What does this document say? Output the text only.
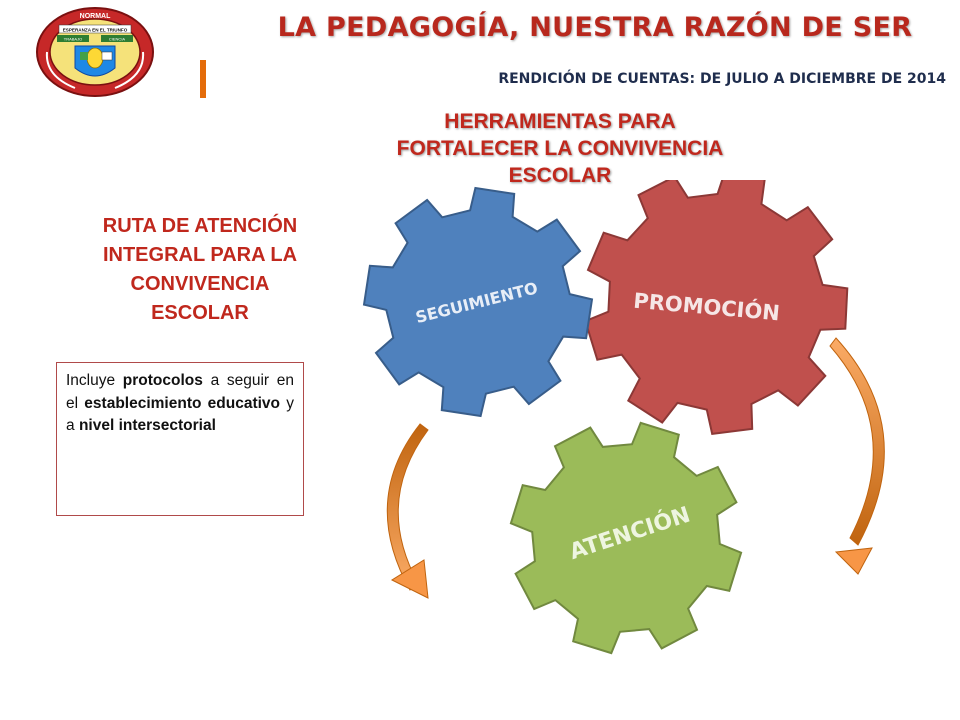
NORMAL
ESPERANZA EN EL TRIUNFO
TRABAJO	CIENCIA	LA PEDAGOGÍA, NUESTRA RAZÓN DE SER
RENDICIÓN DE CUENTAS: DE JULIO A DICIEMBRE DE 2014
HERRAMIENTAS PARA
FORTALECER LA CONVIVENCIA
ESCOLAR
RUTA DE ATENCIÓN
INTEGRAL PARA LA
CONVIVENCIA
ESCOLAR
Incluye protocolos a seguir en el establecimiento educativo y a nivel intersectorial
SEGUIMIENTO	PROMOCIÓN
ATENCIÓN
